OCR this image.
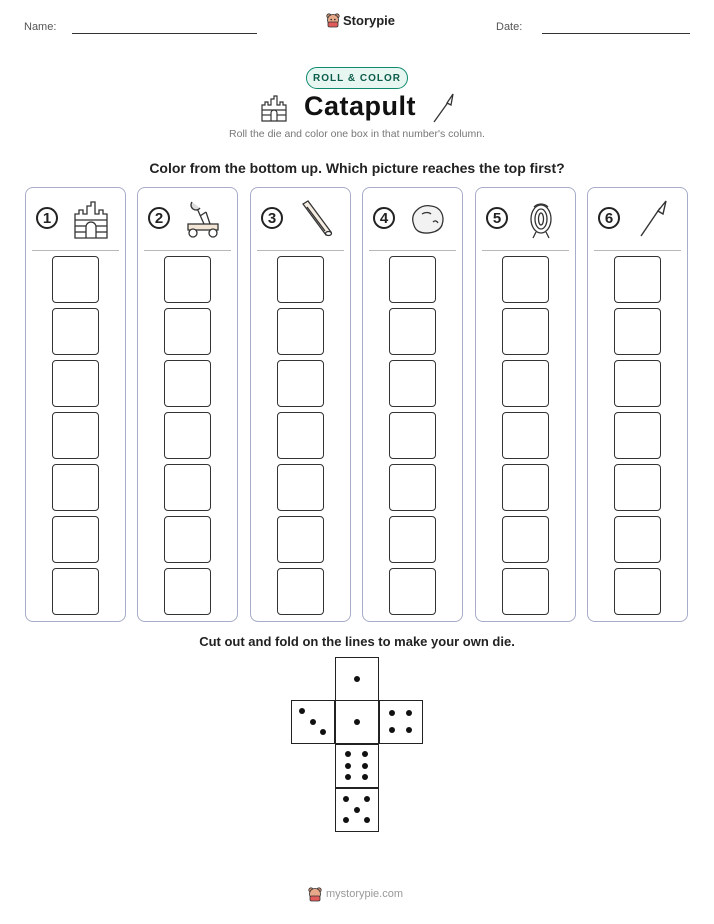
Name:	Storypie	Date:
ROLL & COLOR
Catapult
Roll the die and color one box in that number's column.
Color from the bottom up. Which picture reaches the top first?
1	2	3	4	5	6
Cut out and fold on the lines to make your own die.
mystorypie.com
